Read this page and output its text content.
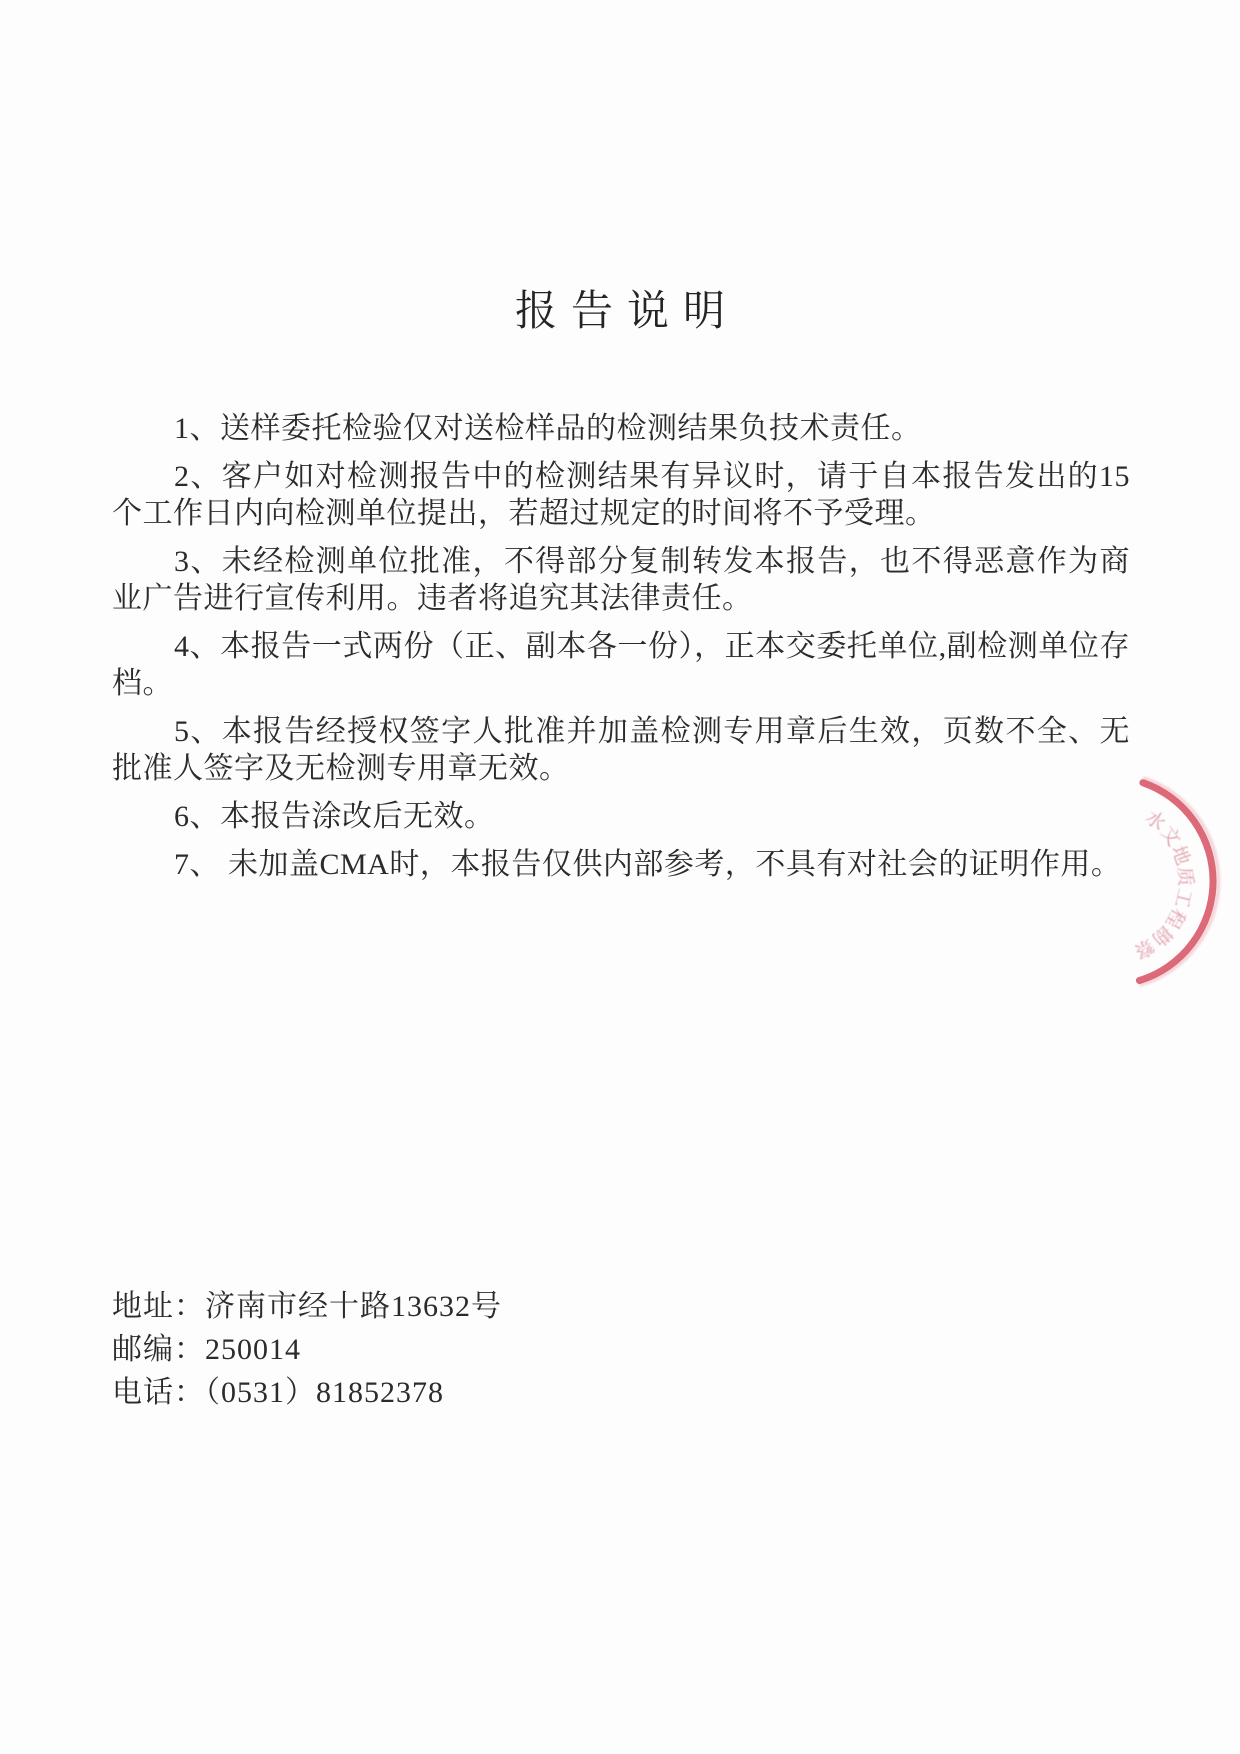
报告说明

1、送样委托检验仅对送检样品的检测结果负技术责任。

2、客户如对检测报告中的检测结果有异议时，请于自本报告发出的15个工作日内向检测单位提出，若超过规定的时间将不予受理。

3、未经检测单位批准，不得部分复制转发本报告，也不得恶意作为商业广告进行宣传利用。违者将追究其法律责任。

4、本报告一式两份（正、副本各一份），正本交委托单位,副检测单位存档。

5、本报告经授权签字人批准并加盖检测专用章后生效，页数不全、无批准人签字及无检测专用章无效。

6、本报告涂改后无效。

7、 未加盖CMA时，本报告仅供内部参考，不具有对社会的证明作用。

地址：济南市经十路13632号
邮编：250014
电话：（0531）81852378
水文地质工程勘察
